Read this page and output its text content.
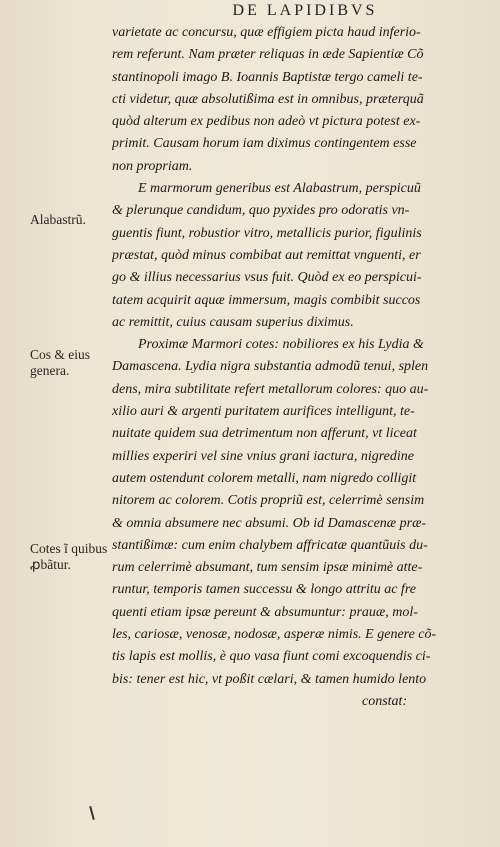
DE LAPIDIBVS
Alabastrũ.
Cos & eius genera.
Cotes ĩ quibus ꝓbãtur.
varietate ac concursu, quæ effigiem picta haud inferio-
rem referunt. Nam præter reliquas in æde Sapientiæ Cõ
stantinopoli imago B. Ioannis Baptistæ tergo cameli te-
cti videtur, quæ absolutißima est in omnibus, præterquã
quòd alterum ex pedibus non adeò vt pictura potest ex-
primit. Causam horum iam diximus contingentem esse
non propriam.
E marmorum generibus est Alabastrum, perspicuũ
& plerunque candidum, quo pyxides pro odoratis vn-
guentis fiunt, robustior vitro, metallicis purior, figulinis
præstat, quòd minus combibat aut remittat vnguenti, er
go & illius necessarius vsus fuit. Quòd ex eo perspicui-
tatem acquirit aquæ immersum, magis combibit succos
ac remittit, cuius causam superius diximus.
Proximæ Marmori cotes: nobiliores ex his Lydia &
Damascena. Lydia nigra substantia admodũ tenui, splen
dens, mira subtilitate refert metallorum colores: quo au-
xilio auri & argenti puritatem aurifices intelligunt, te-
nuitate quidem sua detrimentum non afferunt, vt liceat
millies experiri vel sine vnius grani iactura, nigredine
autem ostendunt colorem metalli, nam nigredo colligit
nitorem ac colorem. Cotis propriũ est, celerrimè sensim
& omnia absumere nec absumi. Ob id Damascenæ præ-
stantißimæ: cum enim chalybem affricatæ quantũuis du-
rum celerrimè absumant, tum sensim ipsæ minimè atte-
runtur, temporis tamen successu & longo attritu ac fre
quenti etiam ipsæ pereunt & absumuntur: prauæ, mol-
les, cariosæ, venosæ, nodosæ, asperæ nimis. E genere cõ-
tis lapis est mollis, è quo vasa fiunt comi excoquendis ci-
bis: tener est hic, vt poßit cælari, & tamen humido lento
constat:
